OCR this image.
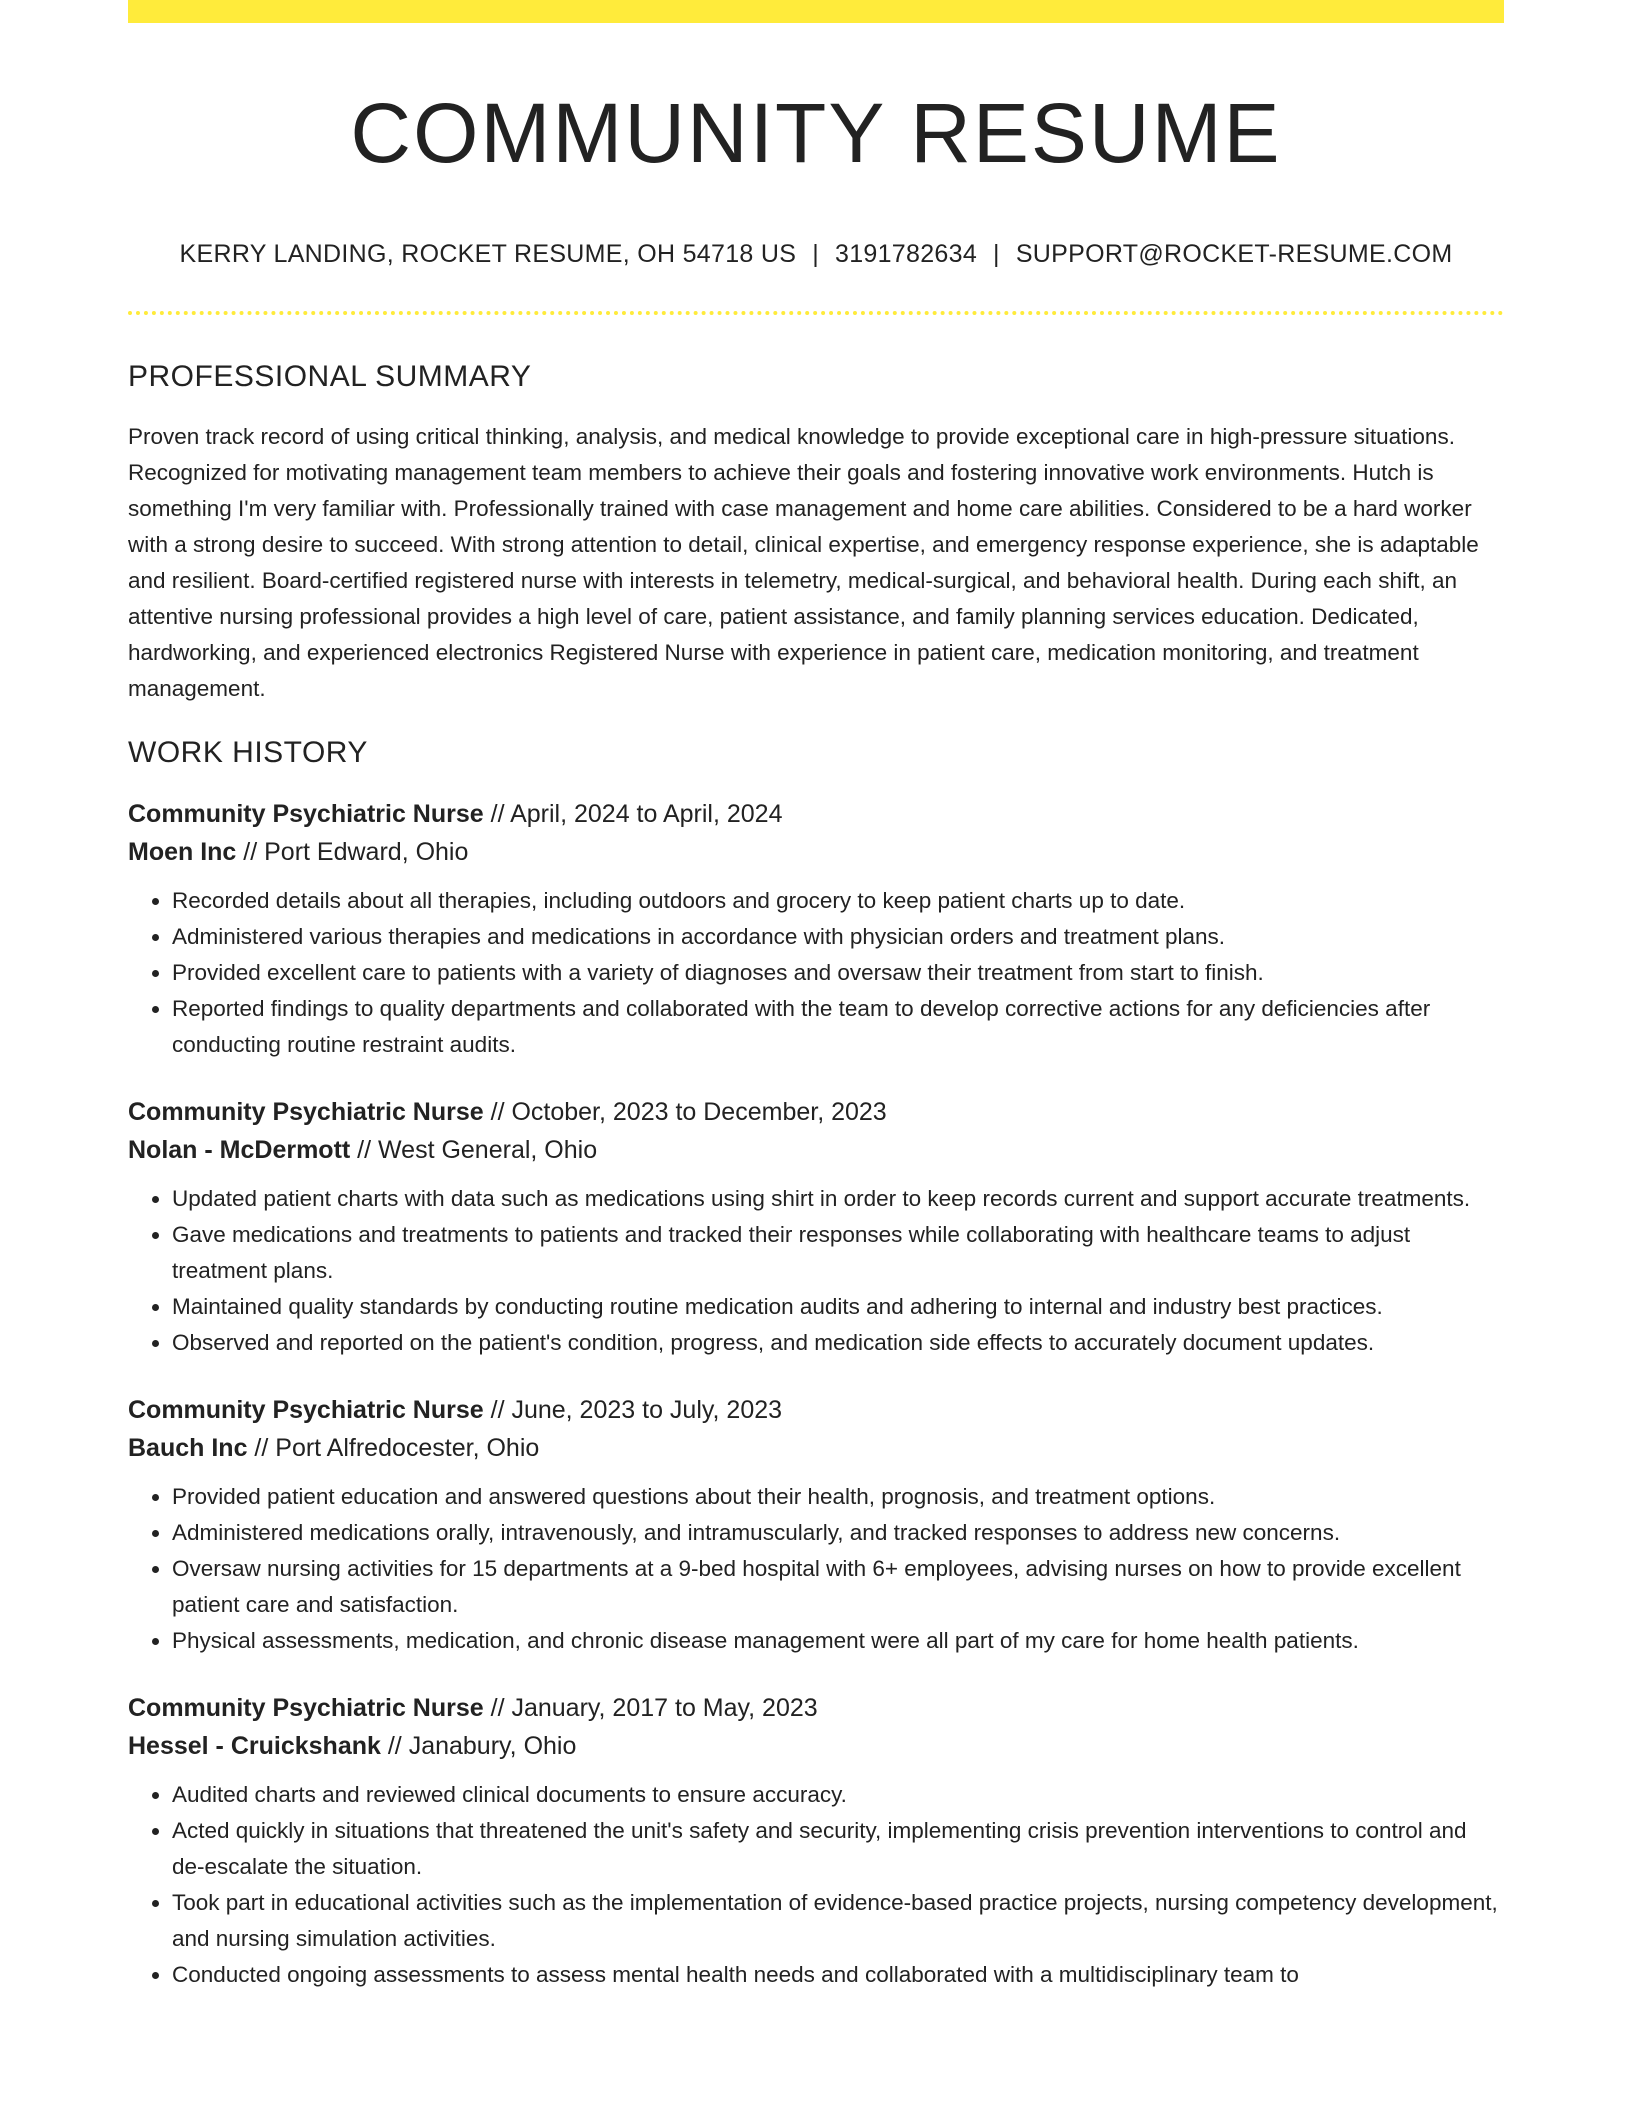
COMMUNITY RESUME
KERRY LANDING, ROCKET RESUME, OH 54718 US | 3191782634 | SUPPORT@ROCKET-RESUME.COM
PROFESSIONAL SUMMARY
Proven track record of using critical thinking, analysis, and medical knowledge to provide exceptional care in high-pressure situations. Recognized for motivating management team members to achieve their goals and fostering innovative work environments. Hutch is something I'm very familiar with. Professionally trained with case management and home care abilities. Considered to be a hard worker with a strong desire to succeed. With strong attention to detail, clinical expertise, and emergency response experience, she is adaptable and resilient. Board-certified registered nurse with interests in telemetry, medical-surgical, and behavioral health. During each shift, an attentive nursing professional provides a high level of care, patient assistance, and family planning services education. Dedicated, hardworking, and experienced electronics Registered Nurse with experience in patient care, medication monitoring, and treatment management.
WORK HISTORY
Community Psychiatric Nurse // April, 2024 to April, 2024
Moen Inc // Port Edward, Ohio
• Recorded details about all therapies, including outdoors and grocery to keep patient charts up to date.
• Administered various therapies and medications in accordance with physician orders and treatment plans.
• Provided excellent care to patients with a variety of diagnoses and oversaw their treatment from start to finish.
• Reported findings to quality departments and collaborated with the team to develop corrective actions for any deficiencies after conducting routine restraint audits.
Community Psychiatric Nurse // October, 2023 to December, 2023
Nolan - McDermott // West General, Ohio
• Updated patient charts with data such as medications using shirt in order to keep records current and support accurate treatments.
• Gave medications and treatments to patients and tracked their responses while collaborating with healthcare teams to adjust treatment plans.
• Maintained quality standards by conducting routine medication audits and adhering to internal and industry best practices.
• Observed and reported on the patient's condition, progress, and medication side effects to accurately document updates.
Community Psychiatric Nurse // June, 2023 to July, 2023
Bauch Inc // Port Alfredocester, Ohio
• Provided patient education and answered questions about their health, prognosis, and treatment options.
• Administered medications orally, intravenously, and intramuscularly, and tracked responses to address new concerns.
• Oversaw nursing activities for 15 departments at a 9-bed hospital with 6+ employees, advising nurses on how to provide excellent patient care and satisfaction.
• Physical assessments, medication, and chronic disease management were all part of my care for home health patients.
Community Psychiatric Nurse // January, 2017 to May, 2023
Hessel - Cruickshank // Janabury, Ohio
• Audited charts and reviewed clinical documents to ensure accuracy.
• Acted quickly in situations that threatened the unit's safety and security, implementing crisis prevention interventions to control and de-escalate the situation.
• Took part in educational activities such as the implementation of evidence-based practice projects, nursing competency development, and nursing simulation activities.
• Conducted ongoing assessments to assess mental health needs and collaborated with a multidisciplinary team to
